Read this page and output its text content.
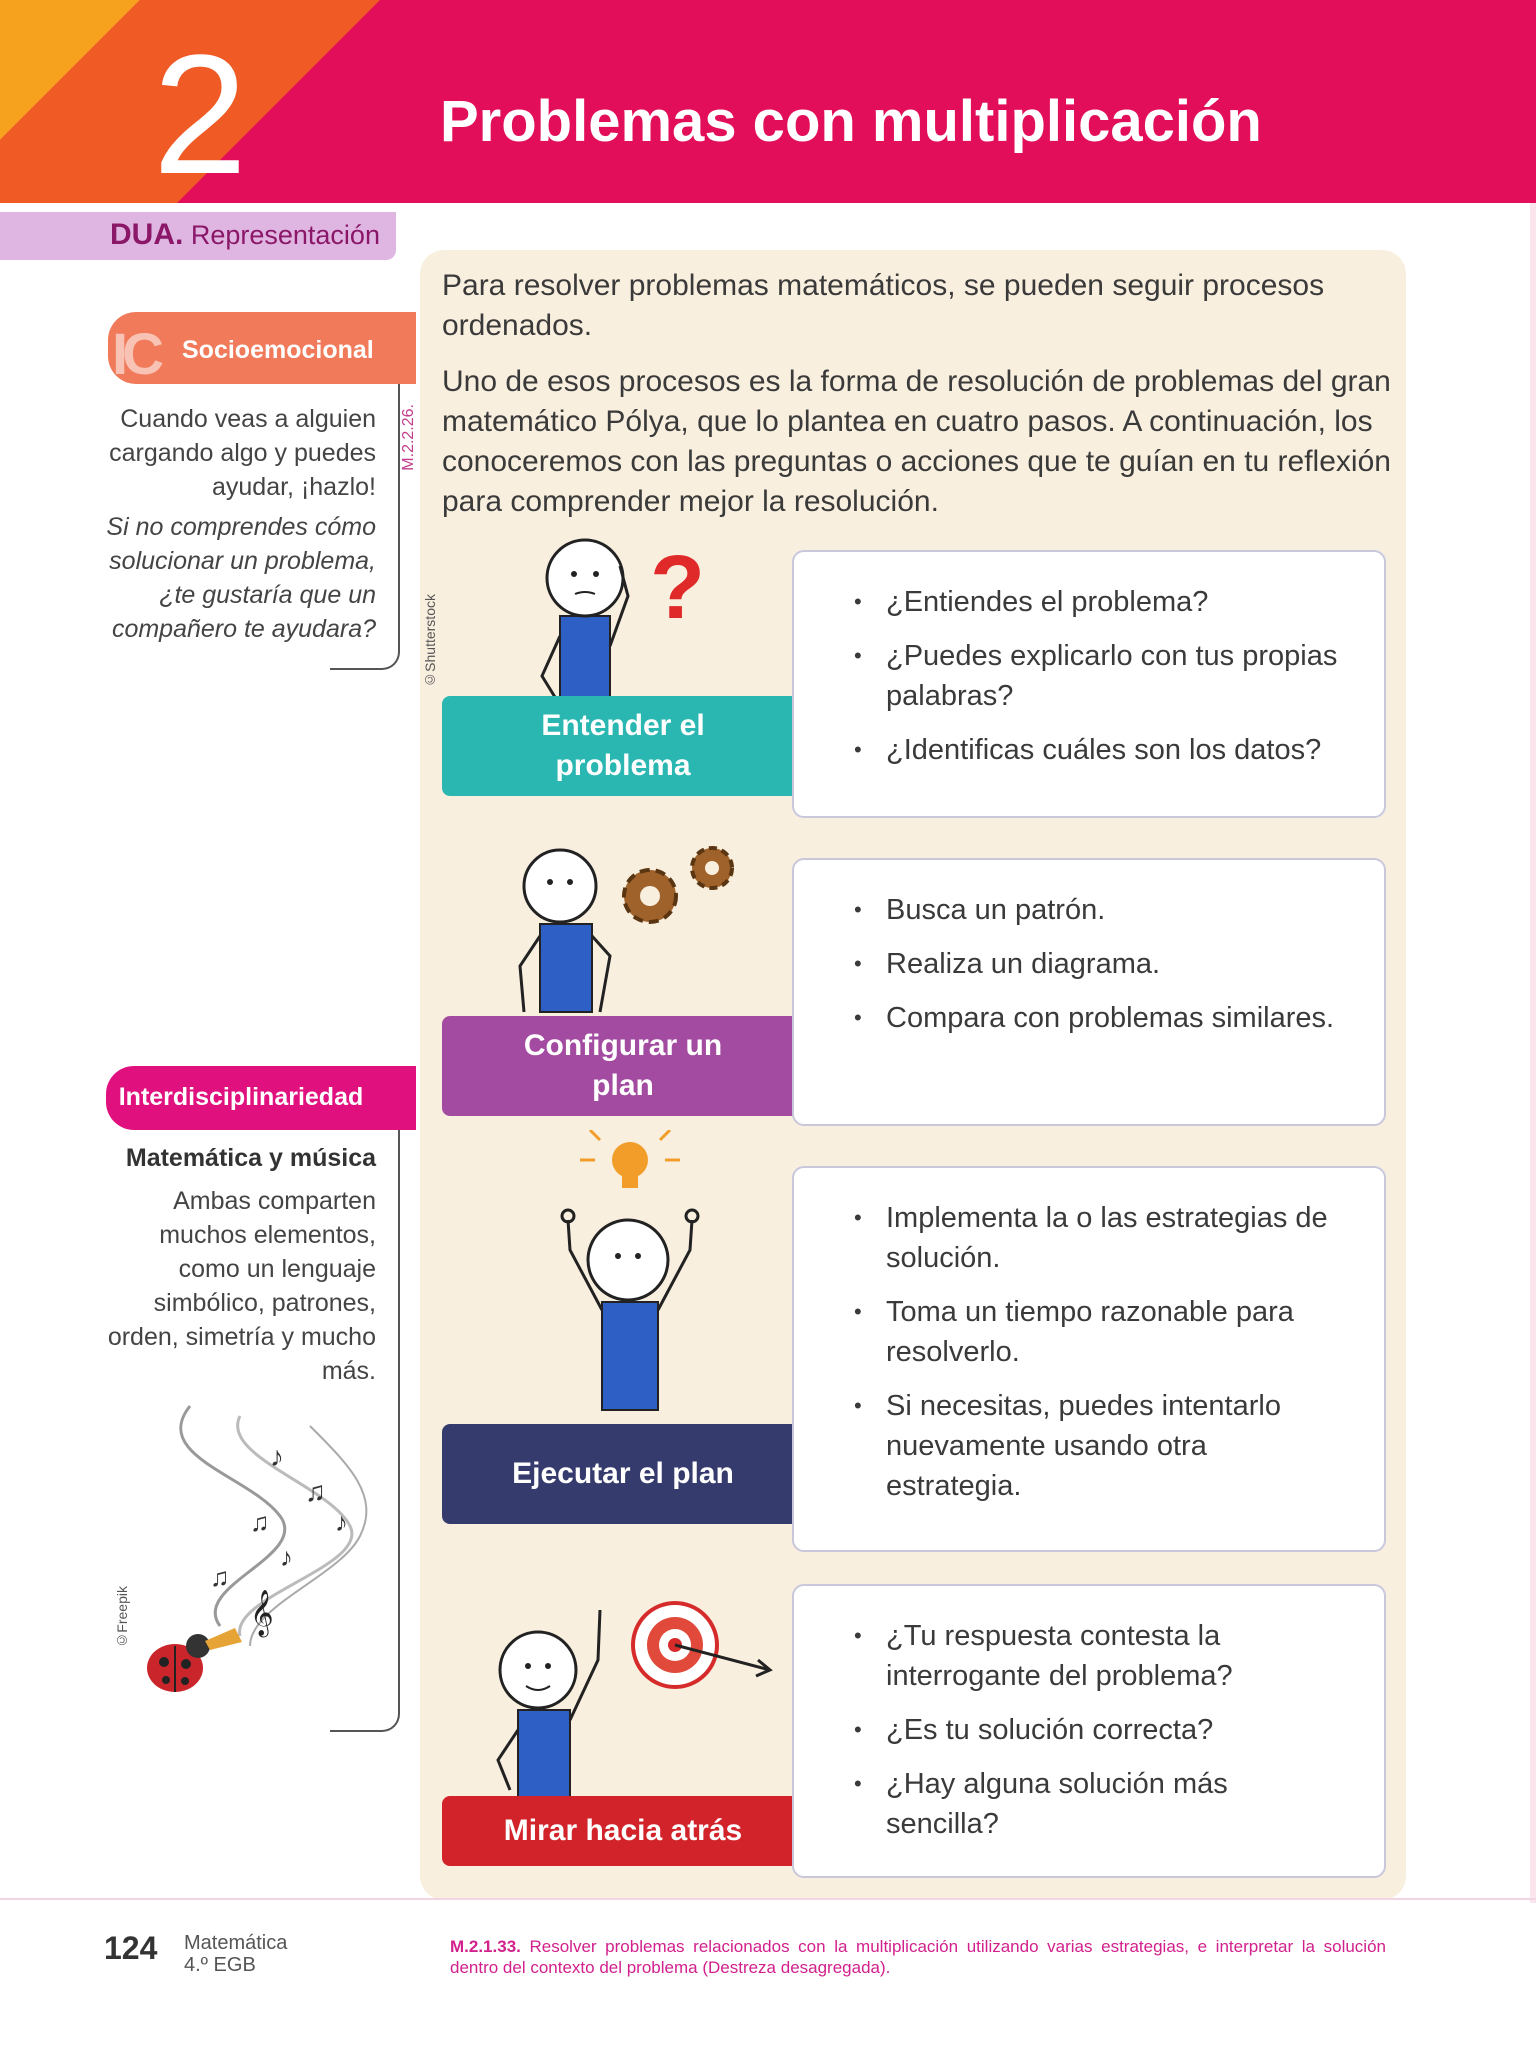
2	Problemas con multiplicación
DUA. Representación
IC Socioemocional
Cuando veas a alguien cargando algo y puedes ayudar, ¡hazlo!
Si no comprendes cómo solucionar un problema, ¿te gustaría que un compañero te ayudara?
M.2.2.26.
Interdisciplinariedad
Matemática y música
Ambas comparten muchos elementos, como un lenguaje simbólico, patrones, orden, simetría y mucho más.
©Freepik
♪
♫
♪
♫
♪
♫
𝄞
Para resolver problemas matemáticos, se pueden seguir procesos ordenados.
Uno de esos procesos es la forma de resolución de problemas del gran matemático Pólya, que lo plantea en cuatro pasos. A continuación, los conoceremos con las preguntas o acciones que te guían en tu reflexión para comprender mejor la resolución.
©Shutterstock
?
Entender el problema
• ¿Entiendes el problema?
• ¿Puedes explicarlo con tus propias palabras?
• ¿Identificas cuáles son los datos?
Configurar un plan
• Busca un patrón.
• Realiza un diagrama.
• Compara con problemas similares.
Ejecutar el plan
• Implementa la o las estrategias de solución.
• Toma un tiempo razonable para resolverlo.
• Si necesitas, puedes intentarlo nuevamente usando otra estrategia.
Mirar hacia atrás
• ¿Tu respuesta contesta la interrogante del problema?
• ¿Es tu solución correcta?
• ¿Hay alguna solución más sencilla?
124 Matemática
4.º EGB
M.2.1.33. Resolver problemas relacionados con la multiplicación utilizando varias estrategias, e interpretar la solución dentro del contexto del problema (Destreza desagregada).
